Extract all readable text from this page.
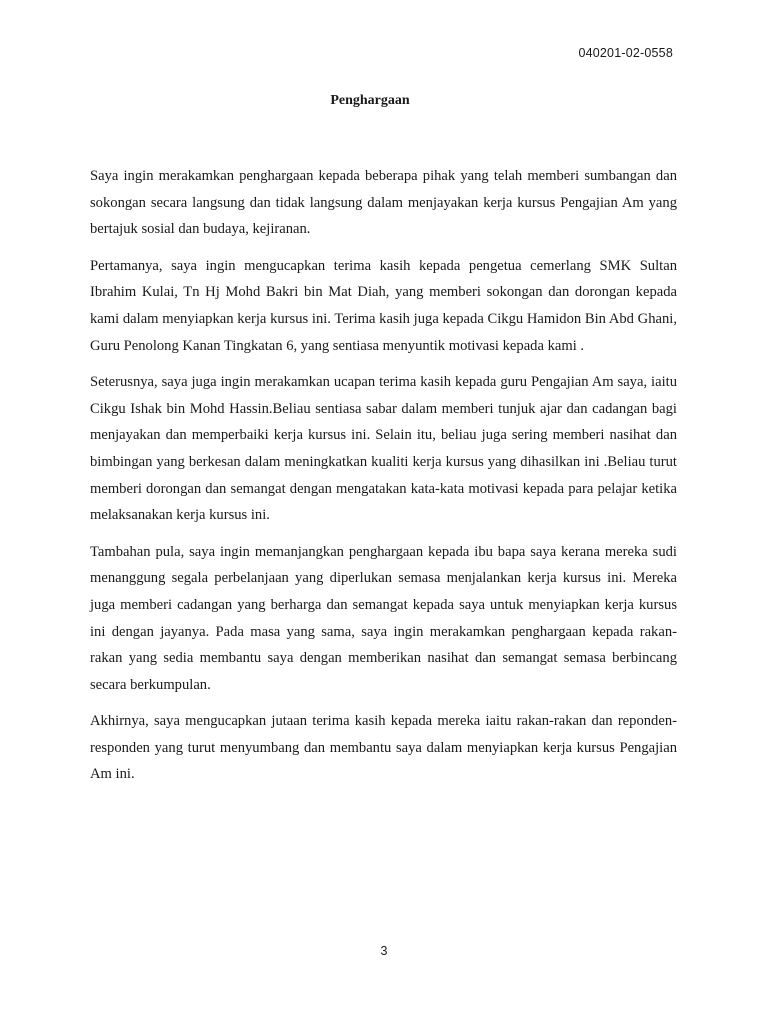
040201-02-0558
Penghargaan

Saya ingin merakamkan penghargaan kepada beberapa pihak yang telah memberi sumbangan dan sokongan secara langsung dan tidak langsung dalam menjayakan kerja kursus Pengajian Am yang bertajuk sosial dan budaya, kejiranan.

Pertamanya, saya ingin mengucapkan terima kasih kepada pengetua cemerlang SMK Sultan Ibrahim Kulai, Tn Hj Mohd Bakri bin Mat Diah, yang memberi sokongan dan dorongan kepada kami dalam menyiapkan kerja kursus ini. Terima kasih juga kepada Cikgu Hamidon Bin Abd Ghani, Guru Penolong Kanan Tingkatan 6, yang sentiasa menyuntik motivasi kepada kami .

Seterusnya, saya juga ingin merakamkan ucapan terima kasih kepada guru Pengajian Am saya, iaitu Cikgu Ishak bin Mohd Hassin.Beliau sentiasa sabar dalam memberi tunjuk ajar dan cadangan bagi menjayakan dan memperbaiki kerja kursus ini. Selain itu, beliau juga sering memberi nasihat dan bimbingan yang berkesan dalam meningkatkan kualiti kerja kursus yang dihasilkan ini .Beliau turut memberi dorongan dan semangat dengan mengatakan kata-kata motivasi kepada para pelajar ketika melaksanakan kerja kursus ini.

Tambahan pula, saya ingin memanjangkan penghargaan kepada ibu bapa saya kerana mereka sudi menanggung segala perbelanjaan yang diperlukan semasa menjalankan kerja kursus ini. Mereka juga memberi cadangan yang berharga dan semangat kepada saya untuk menyiapkan kerja kursus ini dengan jayanya. Pada masa yang sama, saya ingin merakamkan penghargaan kepada rakan-rakan yang sedia membantu saya dengan memberikan nasihat dan semangat semasa berbincang secara berkumpulan.

Akhirnya, saya mengucapkan jutaan terima kasih kepada mereka iaitu rakan-rakan dan reponden-responden yang turut menyumbang dan membantu saya dalam menyiapkan kerja kursus Pengajian Am ini.

3
